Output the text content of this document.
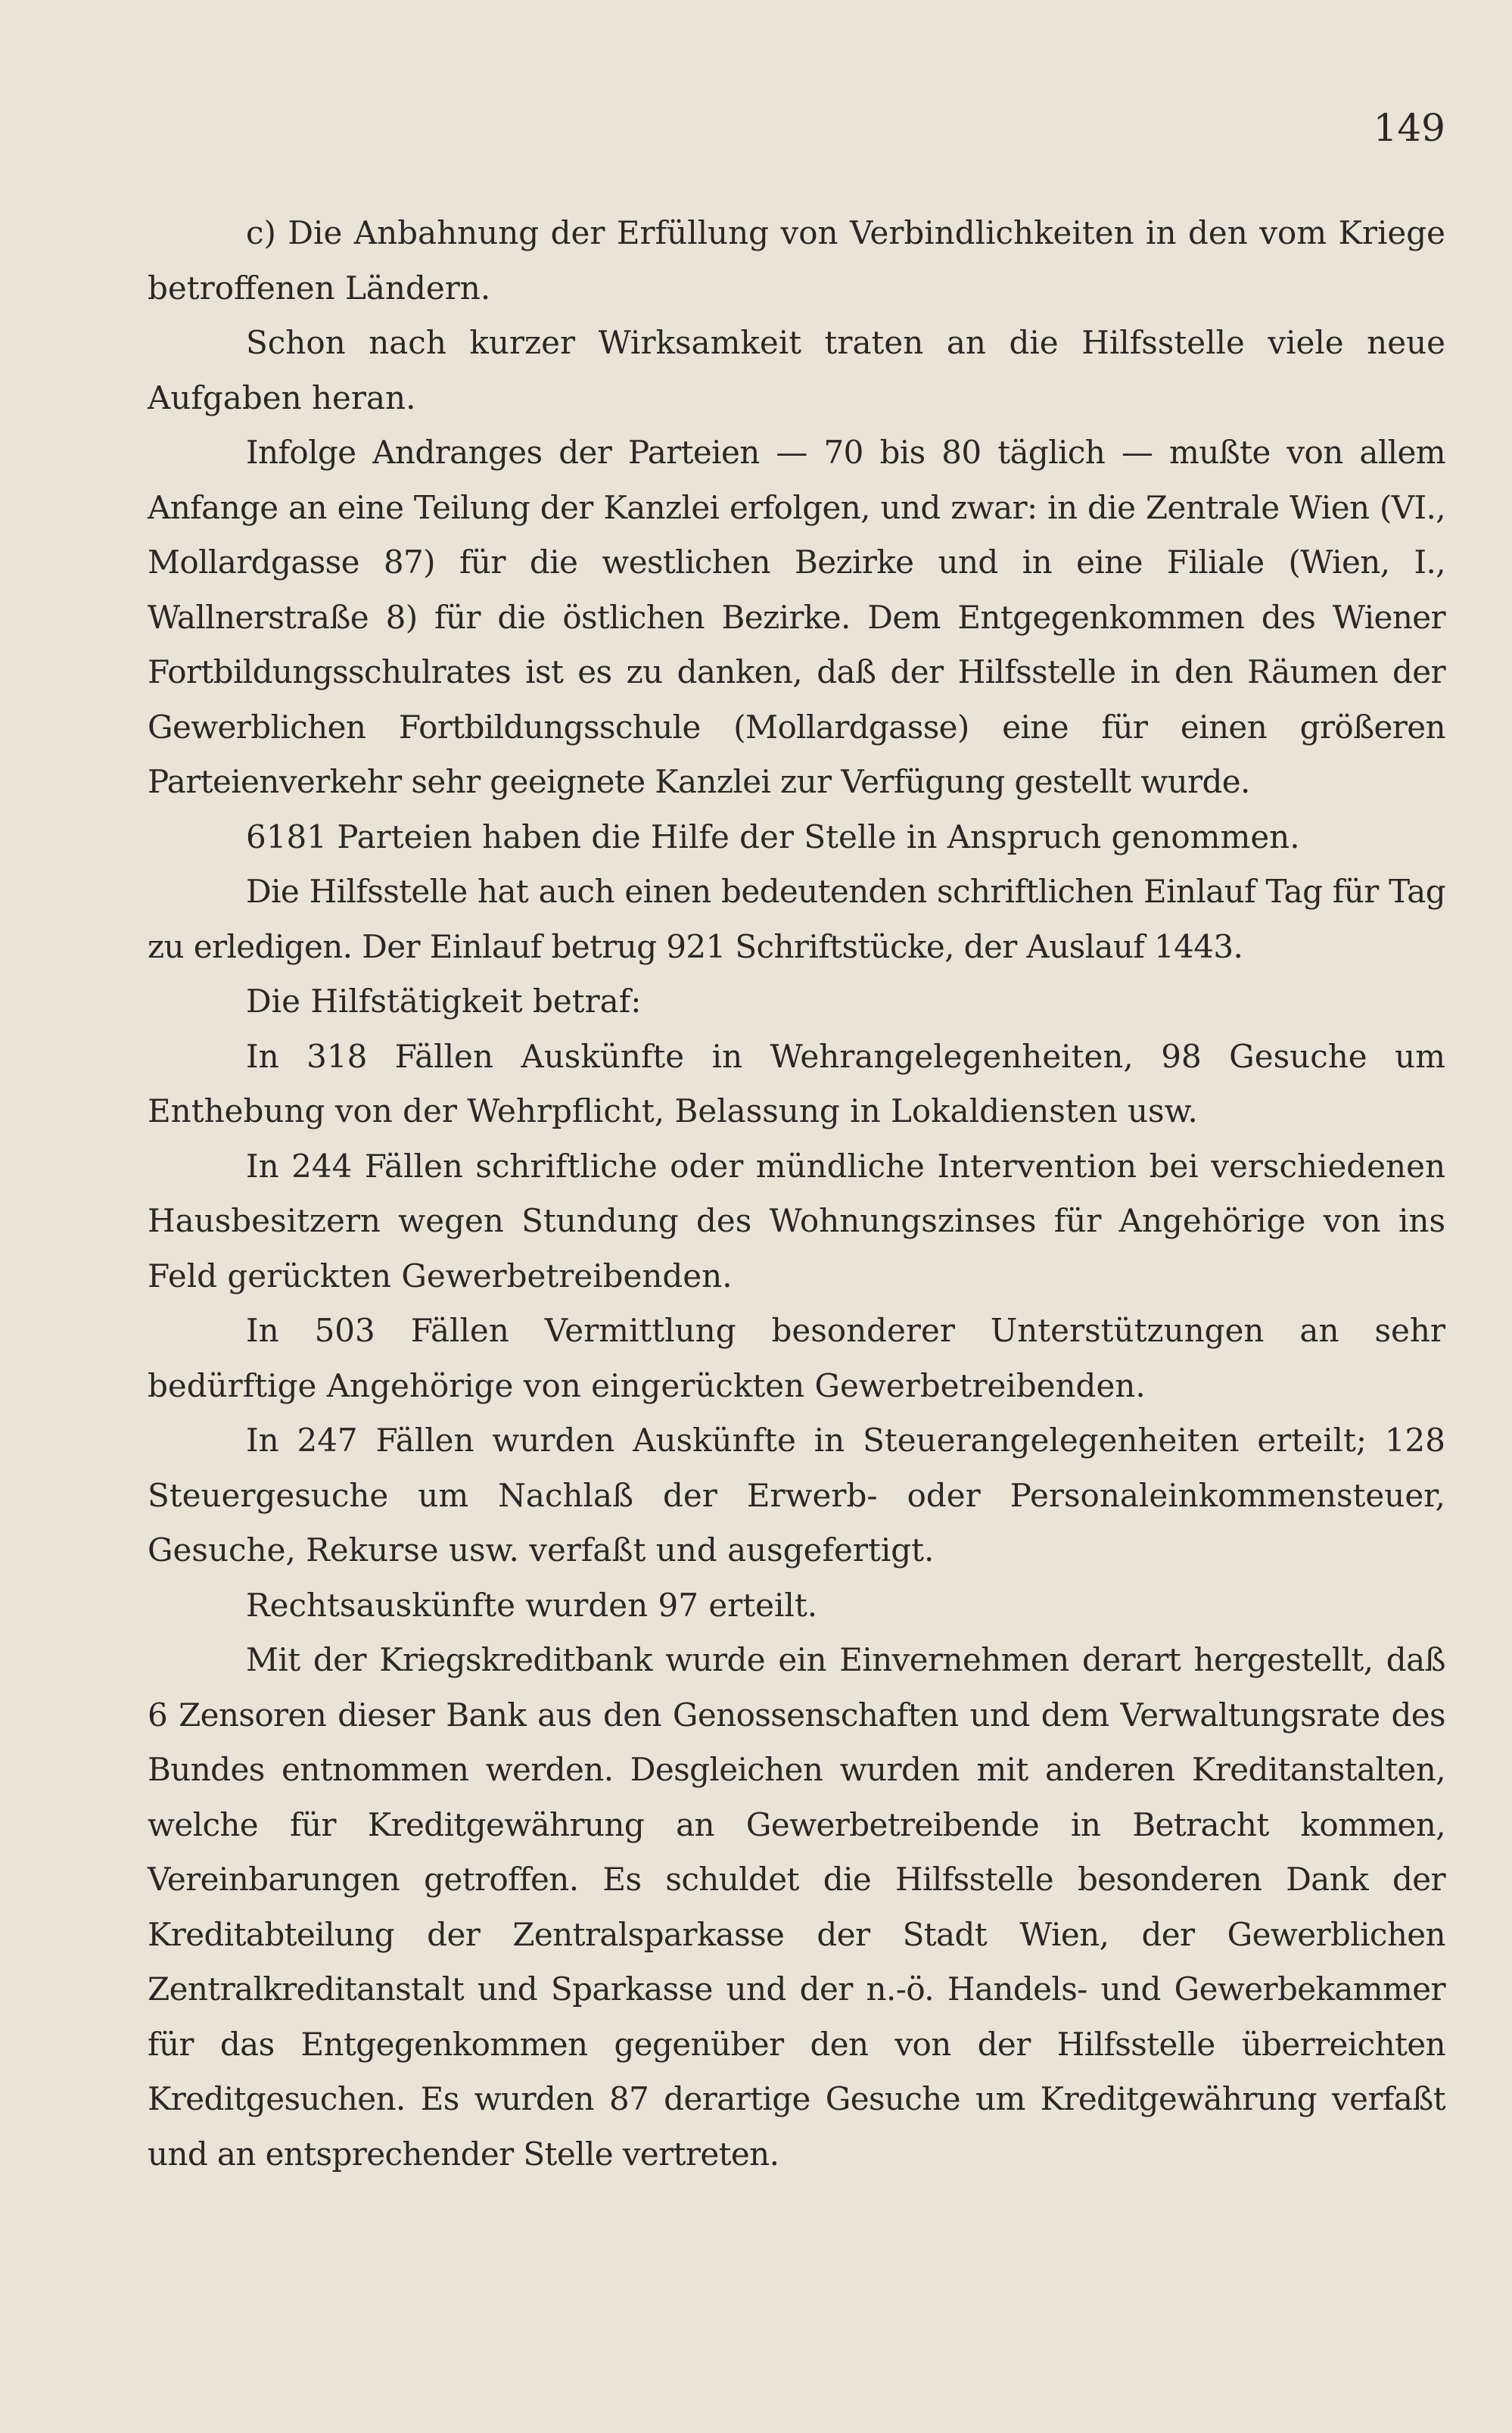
149

c) Die Anbahnung der Erfüllung von Verbindlichkeiten in den vom Kriege betroffenen Ländern.

Schon nach kurzer Wirksamkeit traten an die Hilfsstelle viele neue Aufgaben heran.

Infolge Andranges der Parteien — 70 bis 80 täglich — mußte von allem Anfange an eine Teilung der Kanzlei erfolgen, und zwar: in die Zentrale Wien (VI., Mollardgasse 87) für die westlichen Bezirke und in eine Filiale (Wien, I., Wallnerstraße 8) für die östlichen Bezirke. Dem Entgegenkommen des Wiener Fortbildungsschulrates ist es zu danken, daß der Hilfsstelle in den Räumen der Gewerblichen Fortbildungsschule (Mollardgasse) eine für einen größeren Parteienverkehr sehr geeignete Kanzlei zur Verfügung gestellt wurde.

6181 Parteien haben die Hilfe der Stelle in Anspruch genommen.

Die Hilfsstelle hat auch einen bedeutenden schriftlichen Einlauf Tag für Tag zu erledigen. Der Einlauf betrug 921 Schriftstücke, der Auslauf 1443.

Die Hilfstätigkeit betraf:

In 318 Fällen Auskünfte in Wehrangelegenheiten, 98 Gesuche um Enthebung von der Wehrpflicht, Belassung in Lokaldiensten usw.

In 244 Fällen schriftliche oder mündliche Intervention bei verschiedenen Hausbesitzern wegen Stundung des Wohnungszinses für Angehörige von ins Feld gerückten Gewerbetreibenden.

In 503 Fällen Vermittlung besonderer Unterstützungen an sehr bedürftige Angehörige von eingerückten Gewerbetreibenden.

In 247 Fällen wurden Auskünfte in Steuerangelegenheiten erteilt; 128 Steuergesuche um Nachlaß der Erwerb- oder Personaleinkommensteuer, Gesuche, Rekurse usw. verfaßt und ausgefertigt.

Rechtsauskünfte wurden 97 erteilt.

Mit der Kriegskreditbank wurde ein Einvernehmen derart hergestellt, daß 6 Zensoren dieser Bank aus den Genossenschaften und dem Verwaltungsrate des Bundes entnommen werden. Desgleichen wurden mit anderen Kreditanstalten, welche für Kreditgewährung an Gewerbetreibende in Betracht kommen, Vereinbarungen getroffen. Es schuldet die Hilfsstelle besonderen Dank der Kreditabteilung der Zentralsparkasse der Stadt Wien, der Gewerblichen Zentralkreditanstalt und Sparkasse und der n.-ö. Handels- und Gewerbekammer für das Entgegenkommen gegenüber den von der Hilfsstelle überreichten Kreditgesuchen. Es wurden 87 derartige Gesuche um Kreditgewährung verfaßt und an entsprechender Stelle vertreten.
